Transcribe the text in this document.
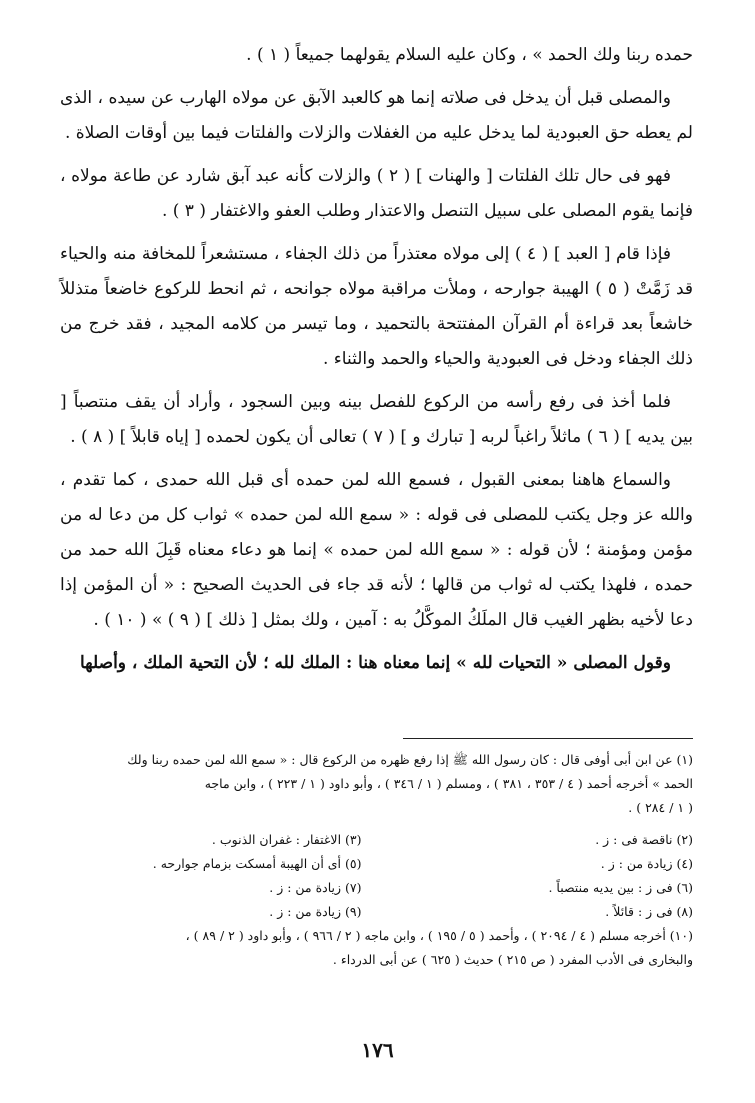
حمده ربنا ولك الحمد » ، وكان عليه السلام يقولهما جميعاً ( ١ ) .

والمصلى قبل أن يدخل فى صلاته إنما هو كالعبد الآبق عن مولاه الهارب عن سيده ، الذى لم يعطه حق العبودية لما يدخل عليه من الغفلات والزلات والفلتات فيما بين أوقات الصلاة .

فهو فى حال تلك الفلتات [ والهنات ] ( ٢ ) والزلات كأنه عبد آبق شارد عن طاعة مولاه ، فإنما يقوم المصلى على سبيل التنصل والاعتذار وطلب العفو والاغتفار ( ٣ ) .

فإذا قام [ العبد ] ( ٤ ) إلى مولاه معتذراً من ذلك الجفاء ، مستشعراً للمخافة منه والحياء قد زَمَّتْ ( ٥ ) الهيبة جوارحه ، وملأت مراقبة مولاه جوانحه ، ثم انحط للركوع خاضعاً متذللاً خاشعاً بعد قراءة أم القرآن المفتتحة بالتحميد ، وما تيسر من كلامه المجيد ، فقد خرج من ذلك الجفاء ودخل فى العبودية والحياء والحمد والثناء .

فلما أخذ فى رفع رأسه من الركوع للفصل بينه وبين السجود ، وأراد أن يقف منتصباً [ بين يديه ] ( ٦ ) ماثلاً راغباً لربه [ تبارك و ] ( ٧ ) تعالى أن يكون لحمده [ إياه قابلاً ] ( ٨ ) .

والسماع هاهنا بمعنى القبول ، فسمع الله لمن حمده أى قبل الله حمدى ، كما تقدم ، والله عز وجل يكتب للمصلى فى قوله : « سمع الله لمن حمده » ثواب كل من دعا له من مؤمن ومؤمنة ؛ لأن قوله : « سمع الله لمن حمده » إنما هو دعاء معناه قَبِلَ الله حمد من حمده ، فلهذا يكتب له ثواب من قالها ؛ لأنه قد جاء فى الحديث الصحيح : « أن المؤمن إذا دعا لأخيه بظهر الغيب قال الملَكُ الموكَّلُ به : آمين ، ولك بمثل [ ذلك ] ( ٩ ) » ( ١٠ ) .

وقول المصلى « التحيات لله » إنما معناه هنا : الملك لله ؛ لأن التحية الملك ، وأصلها

(١) عن ابن أبى أوفى قال : كان رسول الله ﷺ إذا رفع ظهره من الركوع قال : « سمع الله لمن حمده ربنا ولك

الحمد » أخرجه أحمد ( ٤ / ٣٥٣ ، ٣٨١ ) ، ومسلم ( ١ / ٣٤٦ ) ، وأبو داود ( ١ / ٢٢٣ ) ، وابن ماجه

( ١ / ٢٨٤ ) .

(٢) ناقصة فى : ز .
(٣) الاغتفار : غفران الذنوب .
(٤) زيادة من : ز .
(٥) أى أن الهيبة أمسكت بزمام جوارحه .
(٦) فى ز : بين يديه منتصباً .
(٧) زيادة من : ز .
(٨) فى ز : قائلاً .
(٩) زيادة من : ز .

(١٠) أخرجه مسلم ( ٤ / ٢٠٩٤ ) ، وأحمد ( ٥ / ١٩٥ ) ، وابن ماجه ( ٢ / ٩٦٦ ) ، وأبو داود ( ٢ / ٨٩ ) ،

والبخارى فى الأدب المفرد ( ص ٢١٥ ) حديث ( ٦٢٥ ) عن أبى الدرداء .

١٧٦
